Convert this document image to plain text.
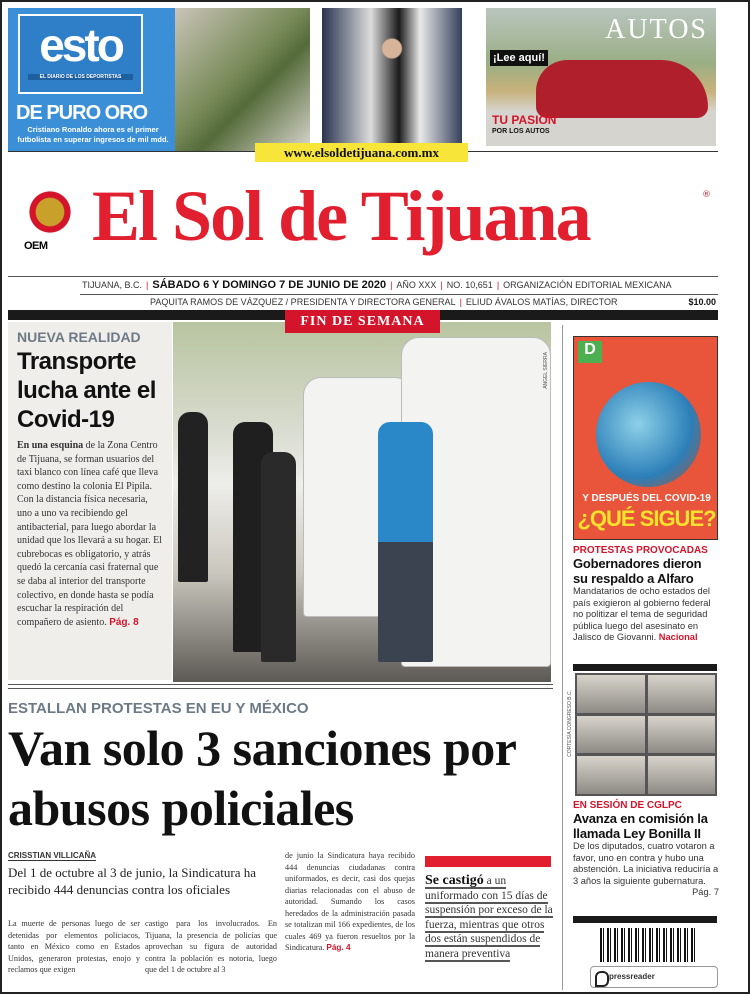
esto
EL DIARIO DE LOS DEPORTISTAS
DE PURO ORO
Cristiano Ronaldo ahora es el primer futbolista en superar ingresos de mil mdd.
AUTOS
¡Lee aquí!
TU PASIÓN
POR LOS AUTOS
www.elsoldetijuana.com.mx
OEM El Sol de Tijuana	®
TIJUANA, B.C. | SÁBADO 6 Y DOMINGO 7 DE JUNIO DE 2020 | AÑO XXX | NO. 10,651 | ORGANIZACIÓN EDITORIAL MEXICANA
PAQUITA RAMOS DE VÁZQUEZ / PRESIDENTA Y DIRECTORA GENERAL | ELIUD ÁVALOS MATÍAS, DIRECTOR	$10.00
NUEVA REALIDAD
Transporte lucha ante el Covid-19

En una esquina de la Zona Centro de Tijuana, se forman usuarios del taxi blanco con línea café que lleva como destino la colonia El Pipila. Con la distancia física necesaria, uno a uno va recibiendo gel antibacterial, para luego abordar la unidad que los llevará a su hogar. El cubrebocas es obligatorio, y atrás quedó la cercanía casi fraternal que se daba al interior del transporte colectivo, en donde hasta se podía escuchar la respiración del compañero de asiento. Pág. 8

ÁNGEL SIERRA
FIN DE SEMANA
D
Y DESPUÉS DEL COVID-19
¿QUÉ SIGUE?
PROTESTAS PROVOCADAS
Gobernadores dieron su respaldo a Alfaro
Mandatarios de ocho estados del país exigieron al gobierno federal no politizar el tema de seguridad pública luego del asesinato en Jalisco de Giovanni. Nacional
CORTESÍA CONGRESO B.C.
EN SESIÓN DE CGLPC
Avanza en comisión la llamada Ley Bonilla II
De los diputados, cuatro votaron a favor, uno en contra y hubo una abstención. La iniciativa reduciría a 3 años la siguiente gubernatura.
Pág. 7
pressreader
ESTALLAN PROTESTAS EN EU Y MÉXICO
Van solo 3 sanciones por abusos policiales
CRISSTIAN VILLICAÑA
Del 1 de octubre al 3 de junio, la Sindicatura ha recibido 444 denuncias contra los oficiales
La muerte de personas luego de ser detenidas por elementos policiacos, tanto en México como en Estados Unidos, generaron protestas, enojo y reclamos que exigen
castigo para los involucrados. En Tijuana, la presencia de policías que aprovechan su figura de autoridad contra la población es notoria, luego que del 1 de octubre al 3
de junio la Sindicatura haya recibido 444 denuncias ciudadanas contra uniformados, es decir, casi dos quejas diarias relacionadas con el abuso de autoridad. Sumando los casos heredados de la administración pasada se totalizan mil 166 expedientes, de los cuales 469 ya fueron resueltos por la Sindicatura. Pág. 4
Se castigó a un uniformado con 15 días de suspensión por exceso de la fuerza, mientras que otros dos están suspendidos de manera preventiva
